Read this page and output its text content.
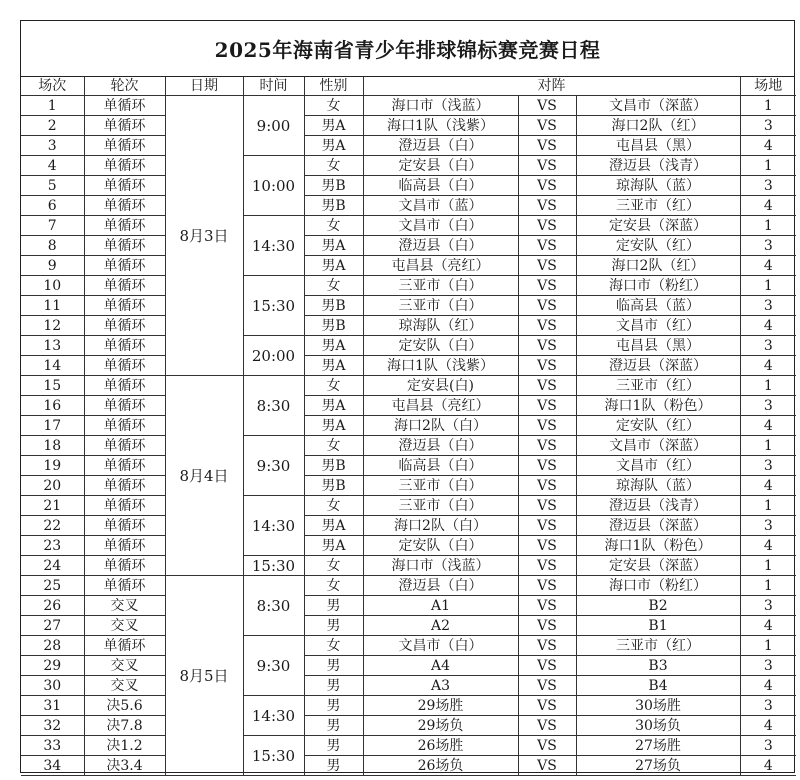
2025年海南省青少年排球锦标赛竞赛日程
场次	轮次	日期	时间	性别	对阵			场地
1	单循环	8月3日	9:00	女	海口市（浅蓝）	VS	文昌市（深蓝）	1
2	单循环			男A	海口1队（浅紫）	VS	海口2队（红）	3
3	单循环			男A	澄迈县（白）	VS	屯昌县（黑）	4
4	单循环		10:00	女	定安县（白）	VS	澄迈县（浅青）	1
5	单循环			男B	临高县（白）	VS	琼海队（蓝）	3
6	单循环			男B	文昌市（蓝）	VS	三亚市（红）	4
7	单循环		14:30	女	文昌市（白）	VS	定安县（深蓝）	1
8	单循环			男A	澄迈县（白）	VS	定安队（红）	3
9	单循环			男A	屯昌县（亮红）	VS	海口2队（红）	4
10	单循环		15:30	女	三亚市（白）	VS	海口市（粉红）	1
11	单循环			男B	三亚市（白）	VS	临高县（蓝）	3
12	单循环			男B	琼海队（红）	VS	文昌市（红）	4
13	单循环		20:00	男A	定安队（白）	VS	屯昌县（黑）	3
14	单循环			男A	海口1队（浅紫）	VS	澄迈县（深蓝）	4
15	单循环	8月4日	8:30	女	定安县(白)	VS	三亚市（红）	1
16	单循环			男A	屯昌县（亮红）	VS	海口1队（粉色）	3
17	单循环			男A	海口2队（白）	VS	定安队（红）	4
18	单循环		9:30	女	澄迈县（白）	VS	文昌市（深蓝）	1
19	单循环			男B	临高县（白）	VS	文昌市（红）	3
20	单循环			男B	三亚市（白）	VS	琼海队（蓝）	4
21	单循环		14:30	女	三亚市（白）	VS	澄迈县（浅青）	1
22	单循环			男A	海口2队（白）	VS	澄迈县（深蓝）	3
23	单循环			男A	定安队（白）	VS	海口1队（粉色）	4
24	单循环		15:30	女	海口市（浅蓝）	VS	定安县（深蓝）	1
25	单循环	8月5日	8:30	女	澄迈县（白）	VS	海口市（粉红）	1
26	交叉			男	A1	VS	B2	3
27	交叉			男	A2	VS	B1	4
28	单循环		9:30	女	文昌市（白）	VS	三亚市（红）	1
29	交叉			男	A4	VS	B3	3
30	交叉			男	A3	VS	B4	4
31	决5.6		14:30	男	29场胜	VS	30场胜	3
32	决7.8			男	29场负	VS	30场负	4
33	决1.2		15:30	男	26场胜	VS	27场胜	3
34	决3.4			男	26场负	VS	27场负	4
